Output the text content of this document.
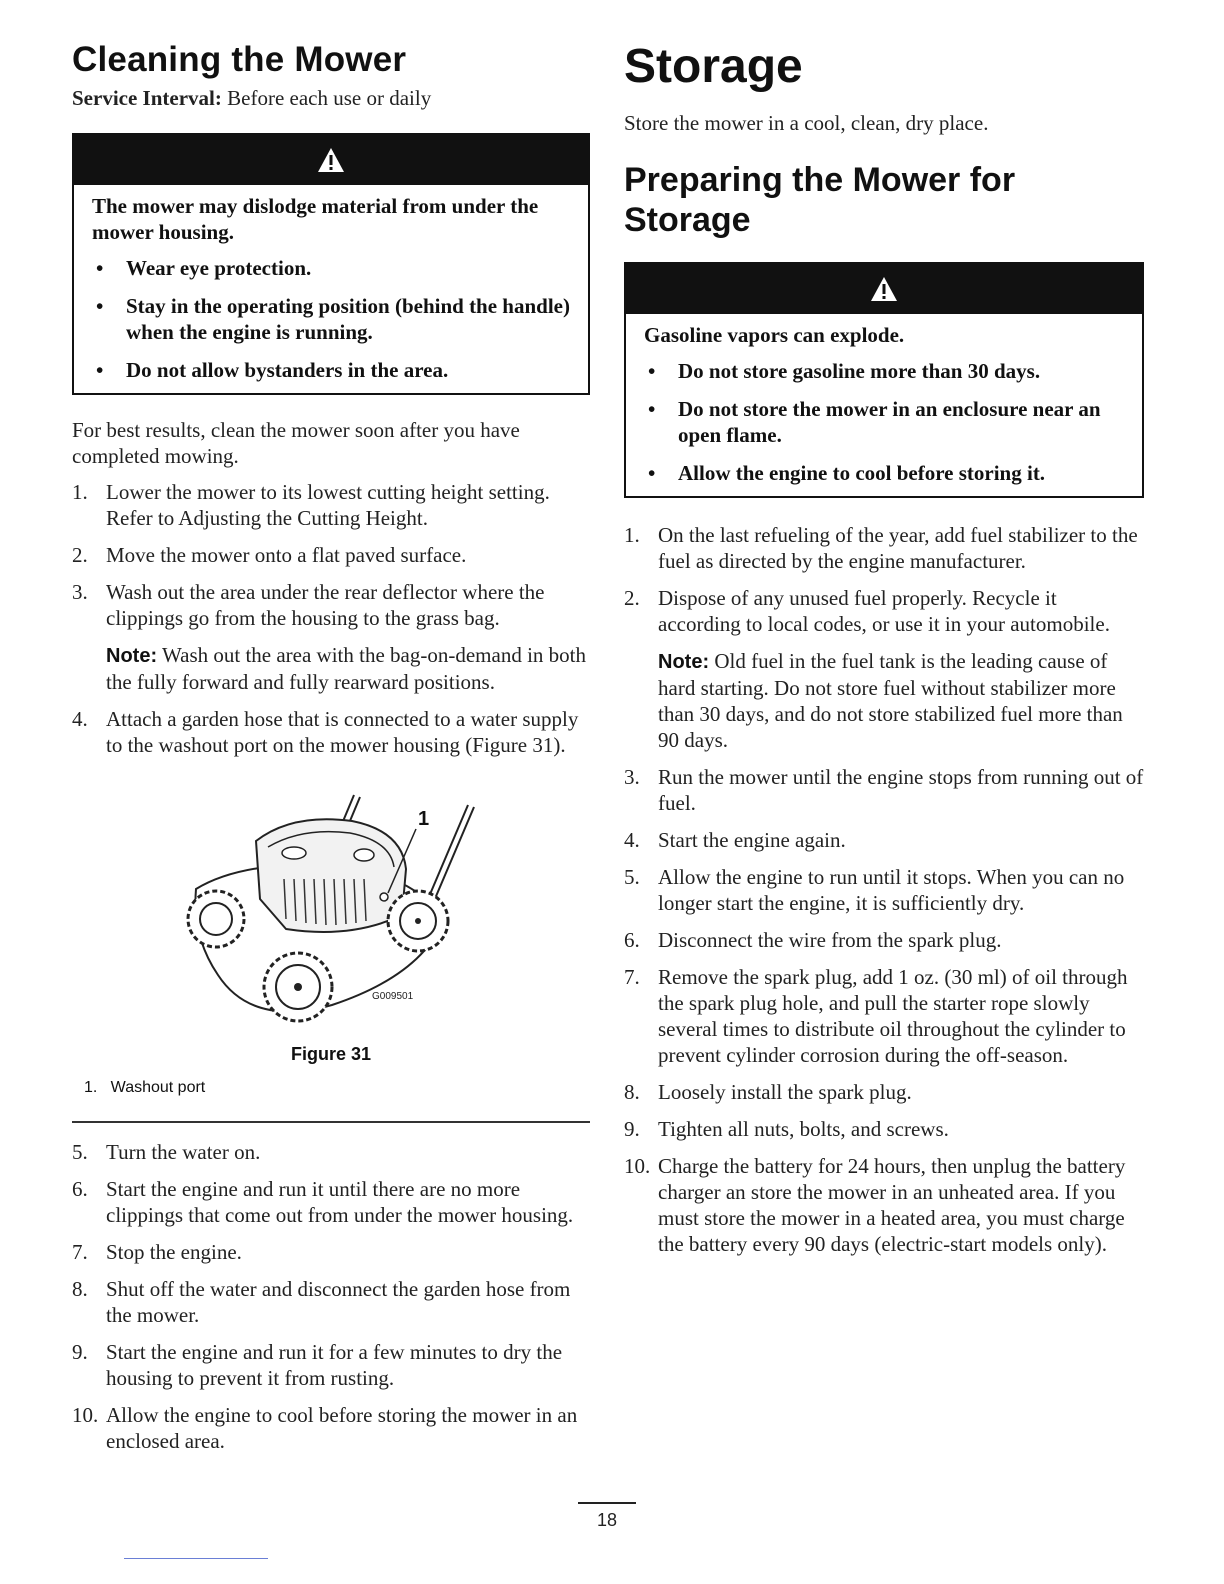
Cleaning the Mower
Service Interval: Before each use or daily
The mower may dislodge material from under the mower housing.
• Wear eye protection.
• Stay in the operating position (behind the handle) when the engine is running.
• Do not allow bystanders in the area.

For best results, clean the mower soon after you have completed mowing.

1. Lower the mower to its lowest cutting height setting. Refer to Adjusting the Cutting Height.
2. Move the mower onto a flat paved surface.
3. Wash out the area under the rear deflector where the clippings go from the housing to the grass bag.
Note: Wash out the area with the bag-on-demand in both the fully forward and fully rearward positions.
4. Attach a garden hose that is connected to a water supply to the washout port on the mower housing (Figure 31).
1
G009501
Figure 31
1.   Washout port
5. Turn the water on.
6. Start the engine and run it until there are no more clippings that come out from under the mower housing.
7. Stop the engine.
8. Shut off the water and disconnect the garden hose from the mower.
9. Start the engine and run it for a few minutes to dry the housing to prevent it from rusting.
10. Allow the engine to cool before storing the mower in an enclosed area.
Storage

Store the mower in a cool, clean, dry place.

Preparing the Mower for Storage
Gasoline vapors can explode.
• Do not store gasoline more than 30 days.
• Do not store the mower in an enclosure near an open flame.
• Allow the engine to cool before storing it.
1. On the last refueling of the year, add fuel stabilizer to the fuel as directed by the engine manufacturer.
2. Dispose of any unused fuel properly. Recycle it according to local codes, or use it in your automobile.
Note: Old fuel in the fuel tank is the leading cause of hard starting. Do not store fuel without stabilizer more than 30 days, and do not store stabilized fuel more than 90 days.
3. Run the mower until the engine stops from running out of fuel.
4. Start the engine again.
5. Allow the engine to run until it stops. When you can no longer start the engine, it is sufficiently dry.
6. Disconnect the wire from the spark plug.
7. Remove the spark plug, add 1 oz. (30 ml) of oil through the spark plug hole, and pull the starter rope slowly several times to distribute oil throughout the cylinder to prevent cylinder corrosion during the off-season.
8. Loosely install the spark plug.
9. Tighten all nuts, bolts, and screws.
10. Charge the battery for 24 hours, then unplug the battery charger an store the mower in an unheated area. If you must store the mower in a heated area, you must charge the battery every 90 days (electric-start models only).
18
